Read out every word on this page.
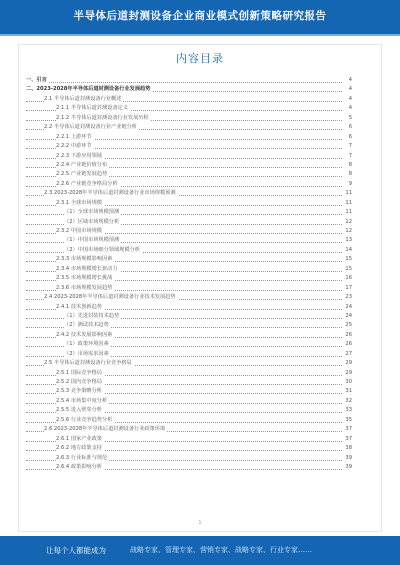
半导体后道封测设备企业商业模式创新策略研究报告
内容目录
一、引言	4
二、2023-2028年半导体后道封测设备行业发展趋势	4
2.1 半导体后道封测设备行业概述	4
2.1.1 半导体后道封测设备定义	4
2.1.2 半导体后道封测设备行业发展历程	5
2.2 半导体后道封测设备行业产业链分析	6
2.2.1 上游环节	6
2.2.2 中游环节	7
2.2.3 下游应用领域	7
2.2.4 产业链价值分布	8
2.2.5 产业链发展趋势	8
2.2.6 产业链竞争格局分析	9
2.3 2023-2028年半导体后道封测设备行业市场规模预测	11
2.3.1 全球市场规模	11
（1）全球市场规模预测	11
（2）区域市场规模分析	12
2.3.2 中国市场规模	12
（1）中国市场规模预测	13
（2）中国市场细分领域规模分析	14
2.3.3 市场规模影响因素	15
2.3.4 市场规模增长驱动力	15
2.3.5 市场规模增长挑战	16
2.3.6 市场规模发展趋势	17
2.4 2023-2028年半导体后道封测设备行业技术发展趋势	23
2.4.1 技术创新趋势	24
（1）先进封装技术趋势	24
（2）测试技术趋势	25
2.4.2 技术发展影响因素	26
（1）政策环境因素	26
（2）市场需求因素	27
2.5 半导体后道封测设备行业竞争格局	29
2.5.1 国际竞争格局	29
2.5.2 国内竞争格局	30
2.5.3 竞争策略分析	31
2.5.4 市场集中度分析	32
2.5.5 进入壁垒分析	33
2.5.6 行业竞争趋势分析	35
2.6 2023-2028年半导体后道封测设备行业政策环境	37
2.6.1 国家产业政策	37
2.6.2 地方政策支持	38
2.6.3 行业标准与规范	39
2.6.4 政策影响分析	39
1
让每个人都能成为	战略专家、管理专家、营销专家、战略专家、行业专家……
